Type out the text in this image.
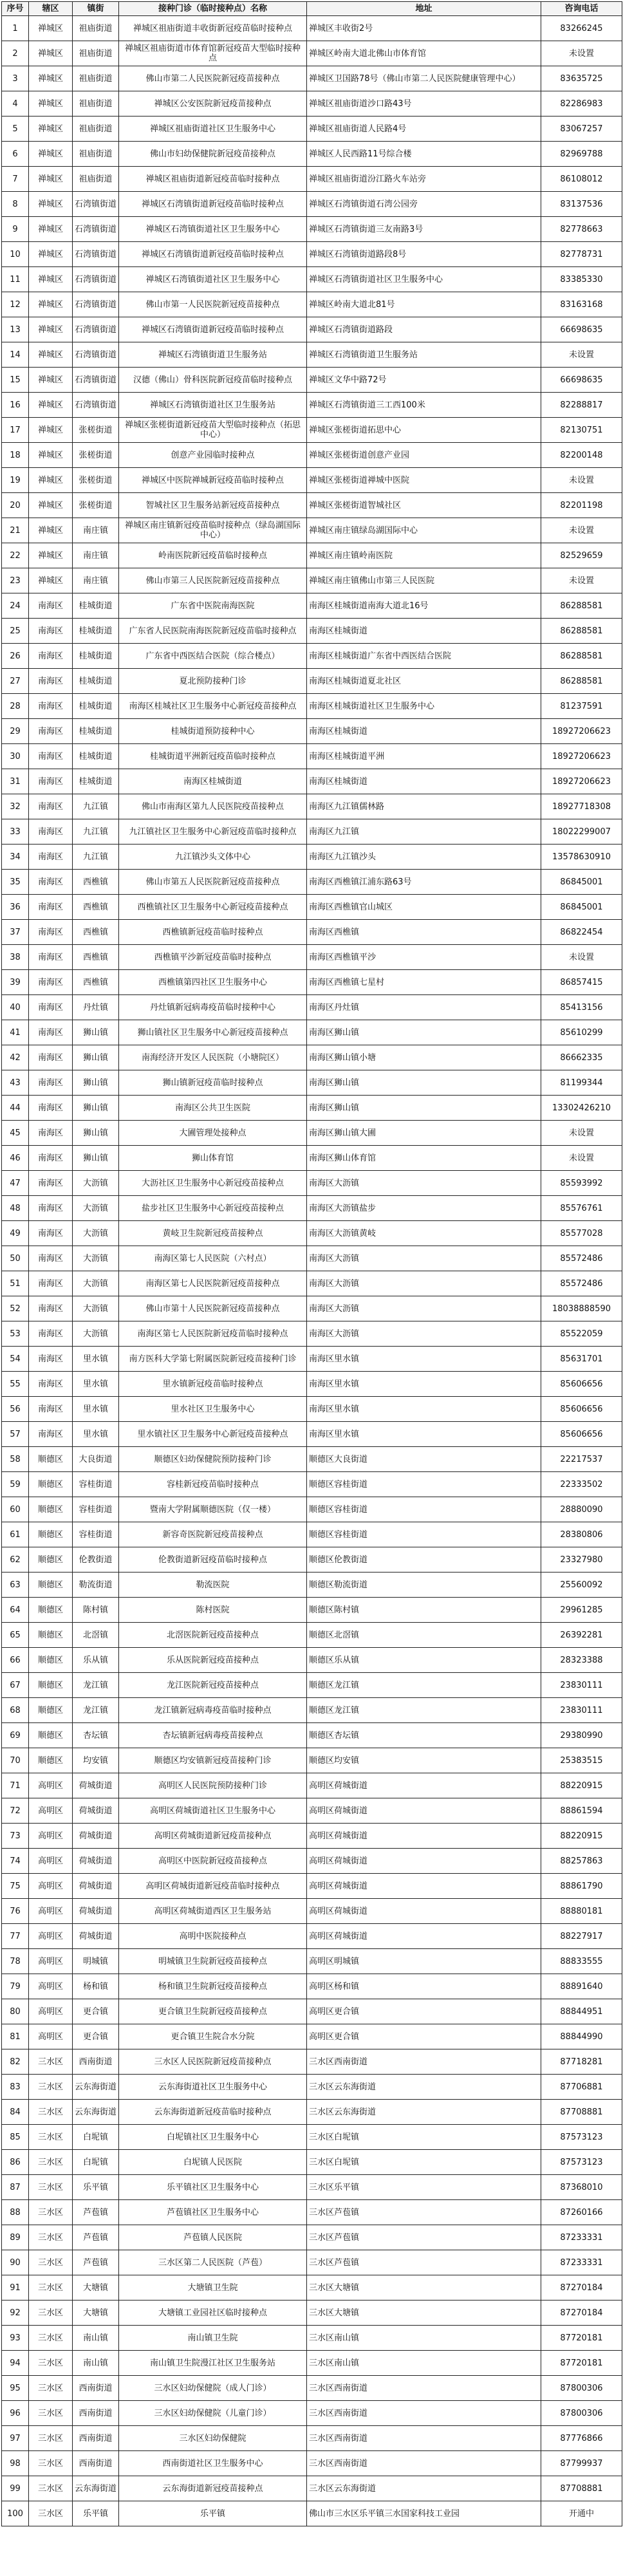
序号	辖区	镇街	接种门诊（临时接种点）名称	地址	咨询电话
1	禅城区	祖庙街道	禅城区祖庙街道丰收街新冠疫苗临时接种点	禅城区丰收街2号	83266245
2	禅城区	祖庙街道	禅城区祖庙街道市体育馆新冠疫苗大型临时接种点	禅城区岭南大道北佛山市体育馆	未设置
3	禅城区	祖庙街道	佛山市第二人民医院新冠疫苗接种点	禅城区卫国路78号（佛山市第二人民医院健康管理中心）	83635725
4	禅城区	祖庙街道	禅城区公安医院新冠疫苗接种点	禅城区祖庙街道沙口路43号	82286983
5	禅城区	祖庙街道	禅城区祖庙街道社区卫生服务中心	禅城区祖庙街道人民路4号	83067257
6	禅城区	祖庙街道	佛山市妇幼保健院新冠疫苗接种点	禅城区人民西路11号综合楼	82969788
7	禅城区	祖庙街道	禅城区祖庙街道新冠疫苗临时接种点	禅城区祖庙街道汾江路火车站旁	86108012
8	禅城区	石湾镇街道	禅城区石湾镇街道新冠疫苗临时接种点	禅城区石湾镇街道石湾公园旁	83137536
9	禅城区	石湾镇街道	禅城区石湾镇街道社区卫生服务中心	禅城区石湾镇街道三友南路3号	82778663
10	禅城区	石湾镇街道	禅城区石湾镇街道新冠疫苗临时接种点	禅城区石湾镇街道路段8号	82778731
11	禅城区	石湾镇街道	禅城区石湾镇街道社区卫生服务中心	禅城区石湾镇街道社区卫生服务中心	83385330
12	禅城区	石湾镇街道	佛山市第一人民医院新冠疫苗接种点	禅城区岭南大道北81号	83163168
13	禅城区	石湾镇街道	禅城区石湾镇街道新冠疫苗临时接种点	禅城区石湾镇街道路段	66698635
14	禅城区	石湾镇街道	禅城区石湾镇街道卫生服务站	禅城区石湾镇街道卫生服务站	未设置
15	禅城区	石湾镇街道	汉德（佛山）骨科医院新冠疫苗临时接种点	禅城区文华中路72号	66698635
16	禅城区	石湾镇街道	禅城区石湾镇街道社区卫生服务站	禅城区石湾镇街道三工西100米	82288817
17	禅城区	张槎街道	禅城区张槎街道新冠疫苗大型临时接种点（拓思中心）	禅城区张槎街道拓思中心	82130751
18	禅城区	张槎街道	创意产业园临时接种点	禅城区张槎街道创意产业园	82200148
19	禅城区	张槎街道	禅城区中医院禅城新冠疫苗临时接种点	禅城区张槎街道禅城中医院	未设置
20	禅城区	张槎街道	智城社区卫生服务站新冠疫苗接种点	禅城区张槎街道智城社区	82201198
21	禅城区	南庄镇	禅城区南庄镇新冠疫苗临时接种点（绿岛湖国际中心）	禅城区南庄镇绿岛湖国际中心	未设置
22	禅城区	南庄镇	岭南医院新冠疫苗临时接种点	禅城区南庄镇岭南医院	82529659
23	禅城区	南庄镇	佛山市第三人民医院新冠疫苗接种点	禅城区南庄镇佛山市第三人民医院	未设置
24	南海区	桂城街道	广东省中医院南海医院	南海区桂城街道南海大道北16号	86288581
25	南海区	桂城街道	广东省人民医院南海医院新冠疫苗临时接种点	南海区桂城街道	86288581
26	南海区	桂城街道	广东省中西医结合医院（综合楼点）	南海区桂城街道广东省中西医结合医院	86288581
27	南海区	桂城街道	夏北预防接种门诊	南海区桂城街道夏北社区	86288581
28	南海区	桂城街道	南海区桂城社区卫生服务中心新冠疫苗接种点	南海区桂城街道社区卫生服务中心	81237591
29	南海区	桂城街道	桂城街道预防接种中心	南海区桂城街道	18927206623
30	南海区	桂城街道	桂城街道平洲新冠疫苗临时接种点	南海区桂城街道平洲	18927206623
31	南海区	桂城街道	南海区桂城街道	南海区桂城街道	18927206623
32	南海区	九江镇	佛山市南海区第九人民医院疫苗接种点	南海区九江镇儒林路	18927718308
33	南海区	九江镇	九江镇社区卫生服务中心新冠疫苗临时接种点	南海区九江镇	18022299007
34	南海区	九江镇	九江镇沙头文体中心	南海区九江镇沙头	13578630910
35	南海区	西樵镇	佛山市第五人民医院新冠疫苗接种点	南海区西樵镇江浦东路63号	86845001
36	南海区	西樵镇	西樵镇社区卫生服务中心新冠疫苗接种点	南海区西樵镇官山城区	86845001
37	南海区	西樵镇	西樵镇新冠疫苗临时接种点	南海区西樵镇	86822454
38	南海区	西樵镇	西樵镇平沙新冠疫苗临时接种点	南海区西樵镇平沙	未设置
39	南海区	西樵镇	西樵镇第四社区卫生服务中心	南海区西樵镇七星村	86857415
40	南海区	丹灶镇	丹灶镇新冠病毒疫苗临时接种中心	南海区丹灶镇	85413156
41	南海区	狮山镇	狮山镇社区卫生服务中心新冠疫苗接种点	南海区狮山镇	85610299
42	南海区	狮山镇	南海经济开发区人民医院（小塘院区）	南海区狮山镇小塘	86662335
43	南海区	狮山镇	狮山镇新冠疫苗临时接种点	南海区狮山镇	81199344
44	南海区	狮山镇	南海区公共卫生医院	南海区狮山镇	13302426210
45	南海区	狮山镇	大圃管理处接种点	南海区狮山镇大圃	未设置
46	南海区	狮山镇	狮山体育馆	南海区狮山体育馆	未设置
47	南海区	大沥镇	大沥社区卫生服务中心新冠疫苗接种点	南海区大沥镇	85593992
48	南海区	大沥镇	盐步社区卫生服务中心新冠疫苗接种点	南海区大沥镇盐步	85576761
49	南海区	大沥镇	黄岐卫生院新冠疫苗接种点	南海区大沥镇黄岐	85577028
50	南海区	大沥镇	南海区第七人民医院（六村点）	南海区大沥镇	85572486
51	南海区	大沥镇	南海区第七人民医院新冠疫苗接种点	南海区大沥镇	85572486
52	南海区	大沥镇	佛山市第十人民医院新冠疫苗接种点	南海区大沥镇	18038888590
53	南海区	大沥镇	南海区第七人民医院新冠疫苗临时接种点	南海区大沥镇	85522059
54	南海区	里水镇	南方医科大学第七附属医院新冠疫苗接种门诊	南海区里水镇	85631701
55	南海区	里水镇	里水镇新冠疫苗临时接种点	南海区里水镇	85606656
56	南海区	里水镇	里水社区卫生服务中心	南海区里水镇	85606656
57	南海区	里水镇	里水镇社区卫生服务中心新冠疫苗接种点	南海区里水镇	85606656
58	顺德区	大良街道	顺德区妇幼保健院预防接种门诊	顺德区大良街道	22217537
59	顺德区	容桂街道	容桂新冠疫苗临时接种点	顺德区容桂街道	22333502
60	顺德区	容桂街道	暨南大学附属顺德医院（仅一楼）	顺德区容桂街道	28880090
61	顺德区	容桂街道	新容奇医院新冠疫苗接种点	顺德区容桂街道	28380806
62	顺德区	伦教街道	伦教街道新冠疫苗临时接种点	顺德区伦教街道	23327980
63	顺德区	勒流街道	勒流医院	顺德区勒流街道	25560092
64	顺德区	陈村镇	陈村医院	顺德区陈村镇	29961285
65	顺德区	北滘镇	北滘医院新冠疫苗接种点	顺德区北滘镇	26392281
66	顺德区	乐从镇	乐从医院新冠疫苗接种点	顺德区乐从镇	28323388
67	顺德区	龙江镇	龙江医院新冠疫苗接种点	顺德区龙江镇	23830111
68	顺德区	龙江镇	龙江镇新冠病毒疫苗临时接种点	顺德区龙江镇	23830111
69	顺德区	杏坛镇	杏坛镇新冠病毒疫苗接种点	顺德区杏坛镇	29380990
70	顺德区	均安镇	顺德区均安镇新冠疫苗接种门诊	顺德区均安镇	25383515
71	高明区	荷城街道	高明区人民医院预防接种门诊	高明区荷城街道	88220915
72	高明区	荷城街道	高明区荷城街道社区卫生服务中心	高明区荷城街道	88861594
73	高明区	荷城街道	高明区荷城街道新冠疫苗接种点	高明区荷城街道	88220915
74	高明区	荷城街道	高明区中医院新冠疫苗接种点	高明区荷城街道	88257863
75	高明区	荷城街道	高明区荷城街道新冠疫苗临时接种点	高明区荷城街道	88861790
76	高明区	荷城街道	高明区荷城街道西区卫生服务站	高明区荷城街道	88880181
77	高明区	荷城街道	高明中医院接种点	高明区荷城街道	88227917
78	高明区	明城镇	明城镇卫生院新冠疫苗接种点	高明区明城镇	88833555
79	高明区	杨和镇	杨和镇卫生院新冠疫苗接种点	高明区杨和镇	88891640
80	高明区	更合镇	更合镇卫生院新冠疫苗接种点	高明区更合镇	88844951
81	高明区	更合镇	更合镇卫生院合水分院	高明区更合镇	88844990
82	三水区	西南街道	三水区人民医院新冠疫苗接种点	三水区西南街道	87718281
83	三水区	云东海街道	云东海街道社区卫生服务中心	三水区云东海街道	87706881
84	三水区	云东海街道	云东海街道新冠疫苗临时接种点	三水区云东海街道	87708881
85	三水区	白坭镇	白坭镇社区卫生服务中心	三水区白坭镇	87573123
86	三水区	白坭镇	白坭镇人民医院	三水区白坭镇	87573123
87	三水区	乐平镇	乐平镇社区卫生服务中心	三水区乐平镇	87368010
88	三水区	芦苞镇	芦苞镇社区卫生服务中心	三水区芦苞镇	87260166
89	三水区	芦苞镇	芦苞镇人民医院	三水区芦苞镇	87233331
90	三水区	芦苞镇	三水区第二人民医院（芦苞）	三水区芦苞镇	87233331
91	三水区	大塘镇	大塘镇卫生院	三水区大塘镇	87270184
92	三水区	大塘镇	大塘镇工业园社区临时接种点	三水区大塘镇	87270184
93	三水区	南山镇	南山镇卫生院	三水区南山镇	87720181
94	三水区	南山镇	南山镇卫生院漫江社区卫生服务站	三水区南山镇	87720181
95	三水区	西南街道	三水区妇幼保健院（成人门诊）	三水区西南街道	87800306
96	三水区	西南街道	三水区妇幼保健院（儿童门诊）	三水区西南街道	87800306
97	三水区	西南街道	三水区妇幼保健院	三水区西南街道	87776866
98	三水区	西南街道	西南街道社区卫生服务中心	三水区西南街道	87799937
99	三水区	云东海街道	云东海街道新冠疫苗接种点	三水区云东海街道	87708881
100	三水区	乐平镇	乐平镇	佛山市三水区乐平镇三水国家科技工业园	开通中
